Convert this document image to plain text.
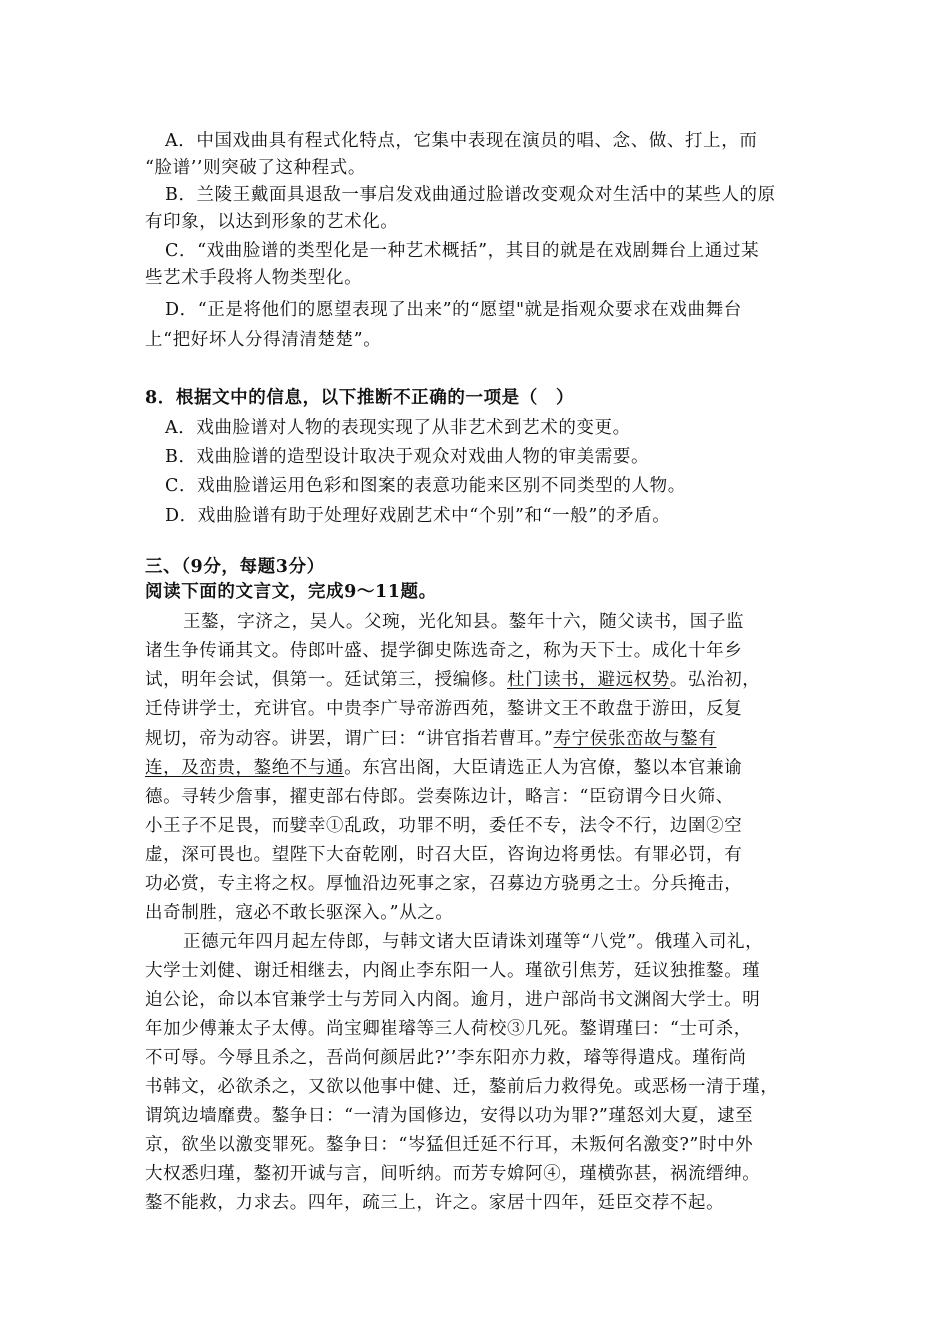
A．中国戏曲具有程式化特点，它集中表现在演员的唱、念、做、打上，而
“脸谱’’则突破了这种程式。
B．兰陵王戴面具退敌一事启发戏曲通过脸谱改变观众对生活中的某些人的原
有印象，以达到形象的艺术化。
C．“戏曲脸谱的类型化是一种艺术概括”，其目的就是在戏剧舞台上通过某
些艺术手段将人物类型化。
D．“正是将他们的愿望表现了出来”的“愿望"就是指观众要求在戏曲舞台
上“把好坏人分得清清楚楚”。
8．根据文中的信息，以下推断不正确的一项是（　）
A．戏曲脸谱对人物的表现实现了从非艺术到艺术的变更。
B．戏曲脸谱的造型设计取决于观众对戏曲人物的审美需要。
C．戏曲脸谱运用色彩和图案的表意功能来区别不同类型的人物。
D．戏曲脸谱有助于处理好戏剧艺术中“个别”和“一般”的矛盾。
三、（9分，每题3分）
阅读下面的文言文，完成9～11题。
王鏊，字济之，吴人。父琬，光化知县。鏊年十六，随父读书，国子监
诸生争传诵其文。侍郎叶盛、提学御史陈选奇之，称为天下士。成化十年乡
试，明年会试，俱第一。廷试第三，授编修。杜门读书，避远权势。弘治初，
迁侍讲学士，充讲官。中贵李广导帝游西苑，鏊讲文王不敢盘于游田，反复
规切，帝为动容。讲罢，谓广曰：“讲官指若曹耳。”寿宁侯张峦故与鏊有
连，及峦贵，鏊绝不与通。东宫出阁，大臣请选正人为宫僚，鏊以本官兼谕
德。寻转少詹事，擢吏部右侍郎。尝奏陈边计，略言：“臣窃谓今日火筛、
小王子不足畏，而嬖幸①乱政，功罪不明，委任不专，法令不行，边圉②空
虚，深可畏也。望陛下大奋乾刚，时召大臣，咨询边将勇怯。有罪必罚，有
功必赏，专主将之权。厚恤沿边死事之家，召募边方骁勇之士。分兵掩击，
出奇制胜，寇必不敢长驱深入。”从之。
正德元年四月起左侍郎，与韩文诸大臣请诛刘瑾等“八党”。俄瑾入司礼，
大学士刘健、谢迁相继去，内阁止李东阳一人。瑾欲引焦芳，廷议独推鏊。瑾
迫公论，命以本官兼学士与芳同入内阁。逾月，进户部尚书文渊阁大学士。明
年加少傅兼太子太傅。尚宝卿崔璿等三人荷校③几死。鏊谓瑾曰：“士可杀，
不可辱。今辱且杀之，吾尚何颜居此?’’李东阳亦力救，璿等得遣戍。瑾衔尚
书韩文，必欲杀之，又欲以他事中健、迁，鏊前后力救得免。或恶杨一清于瑾，
谓筑边墙靡费。鏊争日：“一清为国修边，安得以功为罪?”瑾怒刘大夏，逮至
京，欲坐以激变罪死。鏊争日：“岑猛但迁延不行耳，未叛何名激变?”时中外
大权悉归瑾，鏊初开诚与言，间听纳。而芳专媕阿④，瑾横弥甚，祸流缙绅。
鏊不能救，力求去。四年，疏三上，许之。家居十四年，廷臣交荐不起。
